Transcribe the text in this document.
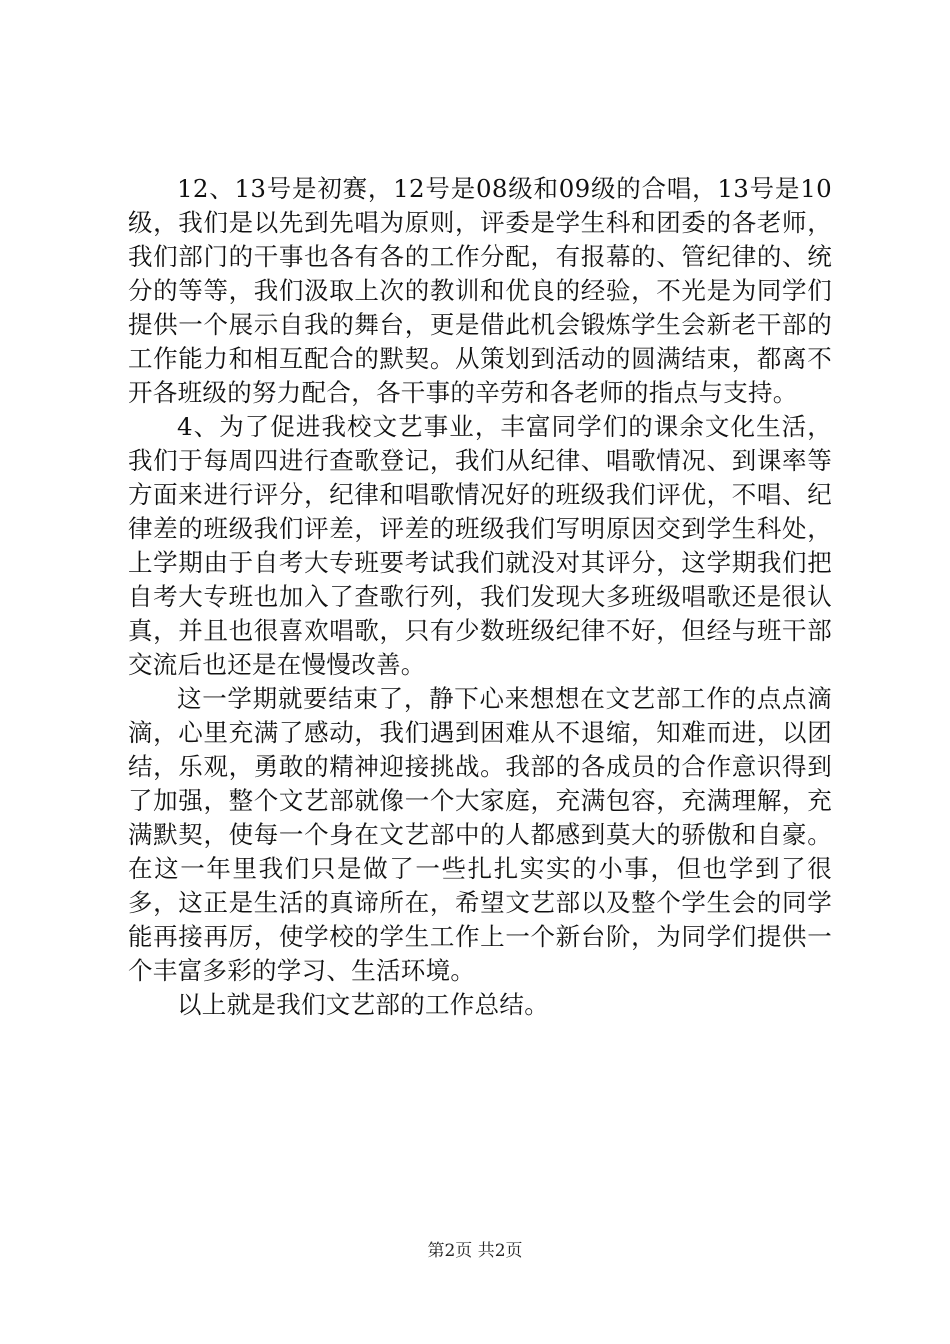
12、13号是初赛，12号是08级和09级的合唱，13号是10级，我们是以先到先唱为原则，评委是学生科和团委的各老师，我们部门的干事也各有各的工作分配，有报幕的、管纪律的、统分的等等，我们汲取上次的教训和优良的经验，不光是为同学们提供一个展示自我的舞台，更是借此机会锻炼学生会新老干部的工作能力和相互配合的默契。从策划到活动的圆满结束，都离不开各班级的努力配合，各干事的辛劳和各老师的指点与支持。

4、为了促进我校文艺事业，丰富同学们的课余文化生活，我们于每周四进行查歌登记，我们从纪律、唱歌情况、到课率等方面来进行评分，纪律和唱歌情况好的班级我们评优，不唱、纪律差的班级我们评差，评差的班级我们写明原因交到学生科处，上学期由于自考大专班要考试我们就没对其评分，这学期我们把自考大专班也加入了查歌行列，我们发现大多班级唱歌还是很认真，并且也很喜欢唱歌，只有少数班级纪律不好，但经与班干部交流后也还是在慢慢改善。

这一学期就要结束了，静下心来想想在文艺部工作的点点滴滴，心里充满了感动，我们遇到困难从不退缩，知难而进，以团结，乐观，勇敢的精神迎接挑战。我部的各成员的合作意识得到了加强，整个文艺部就像一个大家庭，充满包容，充满理解，充满默契，使每一个身在文艺部中的人都感到莫大的骄傲和自豪。在这一年里我们只是做了一些扎扎实实的小事，但也学到了很多，这正是生活的真谛所在，希望文艺部以及整个学生会的同学能再接再厉，使学校的学生工作上一个新台阶，为同学们提供一个丰富多彩的学习、生活环境。

以上就是我们文艺部的工作总结。

第2页 共2页
